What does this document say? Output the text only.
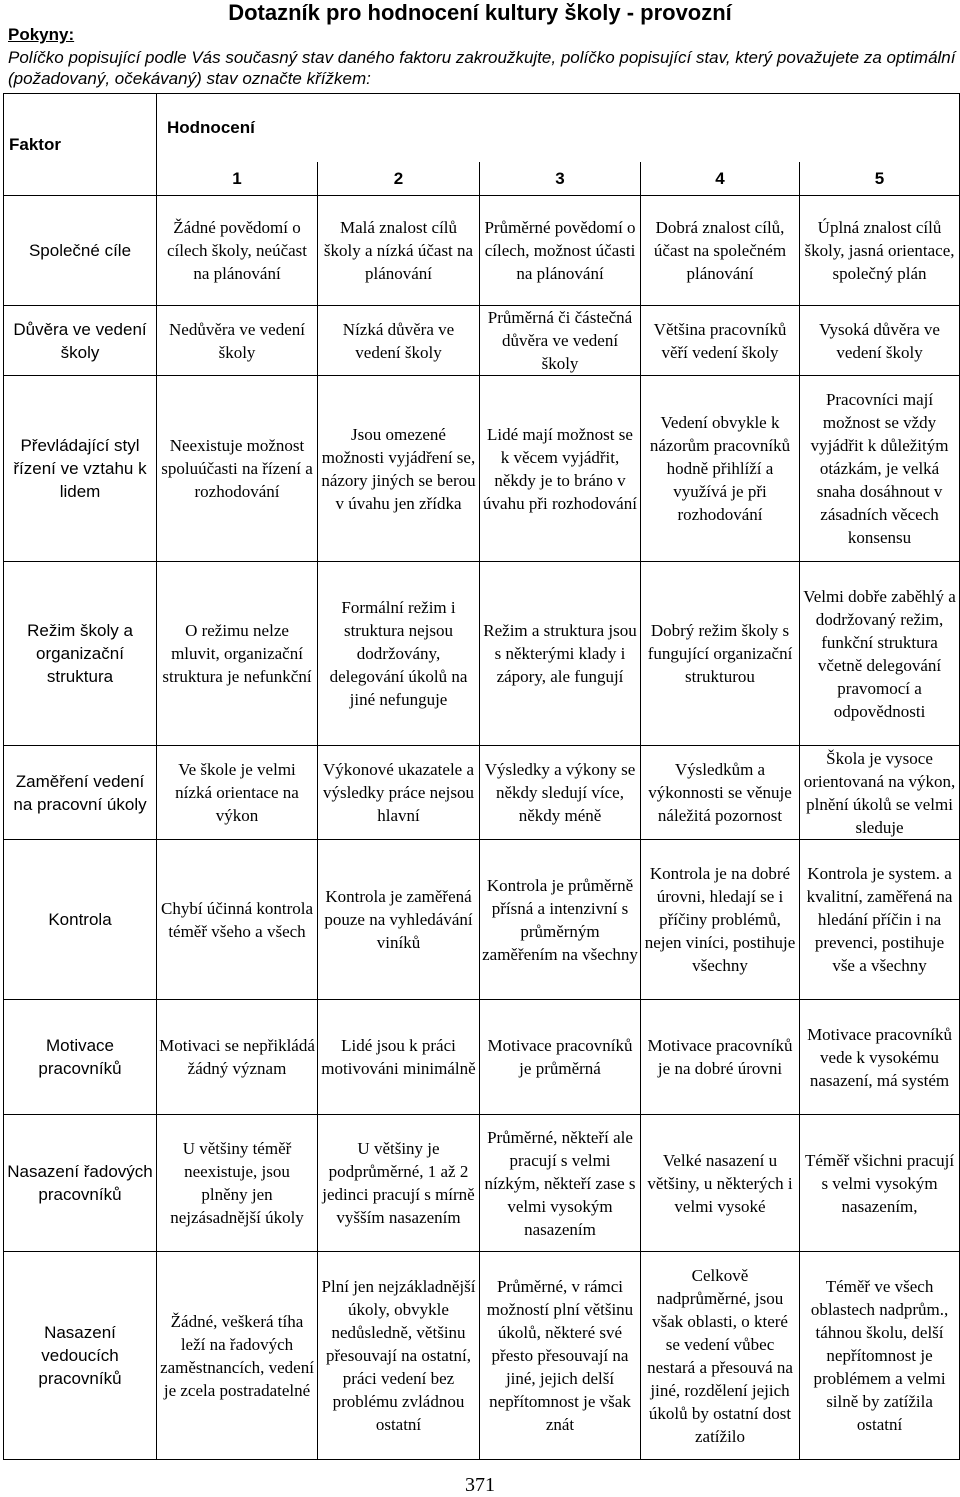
Dotazník pro hodnocení kultury školy - provozní
Pokyny:
Políčko popisující podle Vás současný stav daného faktoru zakroužkujte, políčko popisující stav, který považujete za optimální (požadovaný, očekávaný) stav označte křížkem:
Faktor	Hodnocení				
	1	2	3	4	5
Společné cíle	Žádné povědomí o cílech školy, neúčast na plánování	Malá znalost cílů školy a nízká účast na plánování	Průměrné povědomí o cílech, možnost účasti na plánování	Dobrá znalost cílů, účast na společném plánování	Úplná znalost cílů školy, jasná orientace, společný plán
Důvěra ve vedení školy	Nedůvěra ve vedení školy	Nízká důvěra ve vedení školy	Průměrná či částečná důvěra ve vedení školy	Většina pracovníků věří vedení školy	Vysoká důvěra ve vedení školy
Převládající styl řízení ve vztahu k lidem	Neexistuje možnost spoluúčasti na řízení a rozhodování	Jsou omezené možnosti vyjádření se, názory jiných se berou v úvahu jen zřídka	Lidé mají možnost se k věcem vyjádřit, někdy je to bráno v úvahu při rozhodování	Vedení obvykle k názorům pracovníků hodně přihlíží a využívá je při rozhodování	Pracovníci mají možnost se vždy vyjádřit k důležitým otázkám, je velká snaha dosáhnout v zásadních věcech konsensu
Režim školy a organizační struktura	O režimu nelze mluvit, organizační struktura je nefunkční	Formální režim i struktura nejsou dodržovány, delegování úkolů na jiné nefunguje	Režim a struktura jsou s některými klady i zápory, ale fungují	Dobrý režim školy s fungující organizační strukturou	Velmi dobře zaběhlý a dodržovaný režim, funkční struktura včetně delegování pravomocí a odpovědnosti
Zaměření vedení na pracovní úkoly	Ve škole je velmi nízká orientace na výkon	Výkonové ukazatele a výsledky práce nejsou hlavní	Výsledky a výkony se někdy sledují více, někdy méně	Výsledkům a výkonnosti se věnuje náležitá pozornost	Škola je vysoce orientovaná na výkon, plnění úkolů se velmi sleduje
Kontrola	Chybí účinná kontrola téměř všeho a všech	Kontrola je zaměřená pouze na vyhledávání viníků	Kontrola je průměrně přísná a intenzivní s průměrným zaměřením na všechny	Kontrola je na dobré úrovni, hledají se i příčiny problémů, nejen viníci, postihuje všechny	Kontrola je system. a kvalitní, zaměřená na hledání příčin i na prevenci, postihuje vše a všechny
Motivace pracovníků	Motivaci se nepřikládá žádný význam	Lidé jsou k práci motivováni minimálně	Motivace pracovníků je průměrná	Motivace pracovníků je na dobré úrovni	Motivace pracovníků vede k vysokému nasazení, má systém
Nasazení řadových pracovníků	U většiny téměř neexistuje, jsou plněny jen nejzásadnější úkoly	U většiny je podprůměrné, 1 až 2 jedinci pracují s mírně vyšším nasazením	Průměrné, někteří ale pracují s velmi nízkým, někteří zase s velmi vysokým nasazením	Velké nasazení u většiny, u některých i velmi vysoké	Téměř všichni pracují s velmi vysokým nasazením,
Nasazení vedoucích pracovníků	Žádné, veškerá tíha leží na řadových zaměstnancích, vedení je zcela postradatelné	Plní jen nejzákladnější úkoly, obvykle nedůsledně, většinu přesouvají na ostatní, práci vedení bez problému zvládnou ostatní	Průměrné, v rámci možností plní většinu úkolů, některé své přesto přesouvají na jiné, jejich delší nepřítomnost je však znát	Celkově nadprůměrné, jsou však oblasti, o které se vedení vůbec nestará a přesouvá na jiné, rozdělení jejich úkolů by ostatní dost zatížilo	Téměř ve všech oblastech nadprům., táhnou školu, delší nepřítomnost je problémem a velmi silně by zatížila ostatní
371
